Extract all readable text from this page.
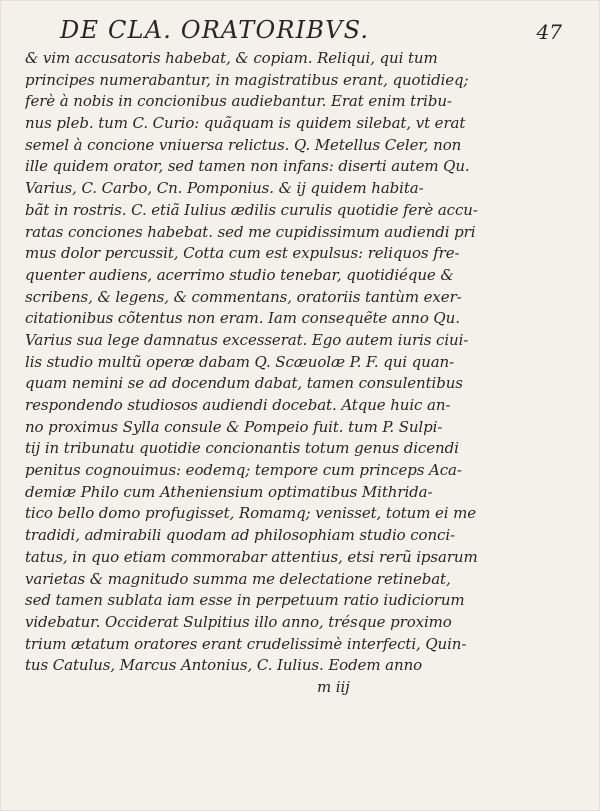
DE CLA. ORATORIBVS.	47
& vim accusatoris habebat, & copiam. Reliqui, qui tum
principes numerabantur, in magistratibus erant, quotidieq;
ferè à nobis in concionibus audiebantur. Erat enim tribu-
nus pleb. tum C. Curio: quãquam is quidem silebat, vt erat
semel à concione vniuersa relictus. Q. Metellus Celer, non
ille quidem orator, sed tamen non infans: diserti autem Qu.
Varius, C. Carbo, Cn. Pomponius. & ij quidem habita-
bãt in rostris. C. etiã Iulius ædilis curulis quotidie ferè accu-
ratas conciones habebat. sed me cupidissimum audiendi pri
mus dolor percussit, Cotta cum est expulsus: reliquos fre-
quenter audiens, acerrimo studio tenebar, quotidiéque &
scribens, & legens, & commentans, oratoriis tantùm exer-
citationibus cõtentus non eram. Iam consequẽte anno Qu.
Varius sua lege damnatus excesserat. Ego autem iuris ciui-
lis studio multũ operæ dabam Q. Scæuolæ P. F. qui quan-
quam nemini se ad docendum dabat, tamen consulentibus
respondendo studiosos audiendi docebat. Atque huic an-
no proximus Sylla consule & Pompeio fuit. tum P. Sulpi-
tij in tribunatu quotidie concionantis totum genus dicendi
penitus cognouimus: eodemq; tempore cum princeps Aca-
demiæ Philo cum Atheniensium optimatibus Mithrida-
tico bello domo profugisset, Romamq; venisset, totum ei me
tradidi, admirabili quodam ad philosophiam studio conci-
tatus, in quo etiam commorabar attentius, etsi rerũ ipsarum
varietas & magnitudo summa me delectatione retinebat,
sed tamen sublata iam esse in perpetuum ratio iudiciorum
videbatur. Occiderat Sulpitius illo anno, trésque proximo
trium ætatum oratores erant crudelissimè interfecti, Quin-
tus Catulus, Marcus Antonius, C. Iulius. Eodem anno
m iij
